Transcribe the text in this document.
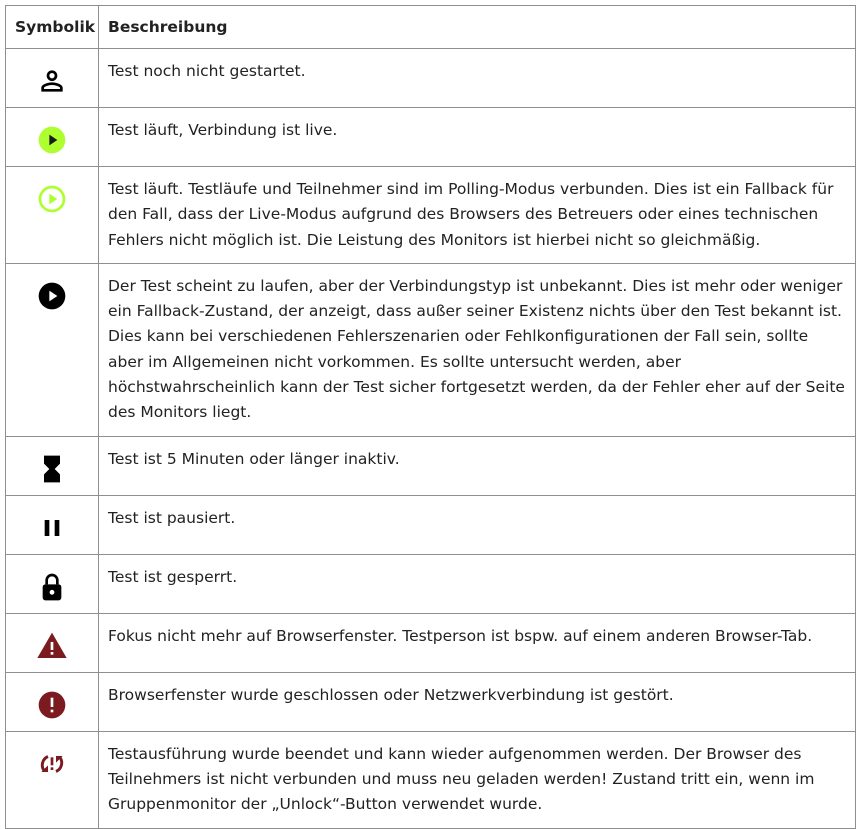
Symbolik	Beschreibung

	Test noch nicht gestartet.

	Test läuft, Verbindung ist live.

	Test läuft. Testläufe und Teilnehmer sind im Polling-Modus verbunden. Dies ist ein Fallback für den Fall, dass der Live-Modus aufgrund des Browsers des Betreuers oder eines technischen Fehlers nicht möglich ist. Die Leistung des Monitors ist hierbei nicht so gleichmäßig.

	Der Test scheint zu laufen, aber der Verbindungstyp ist unbekannt. Dies ist mehr oder weniger ein Fallback-Zustand, der anzeigt, dass außer seiner Existenz nichts über den Test bekannt ist. Dies kann bei verschiedenen Fehlerszenarien oder Fehlkonfigurationen der Fall sein, sollte aber im Allgemeinen nicht vorkommen. Es sollte untersucht werden, aber höchstwahrscheinlich kann der Test sicher fortgesetzt werden, da der Fehler eher auf der Seite des Monitors liegt.

	Test ist 5 Minuten oder länger inaktiv.

	Test ist pausiert.

	Test ist gesperrt.

	Fokus nicht mehr auf Browserfenster. Testperson ist bspw. auf einem anderen Browser-Tab.

	Browserfenster wurde geschlossen oder Netzwerkverbindung ist gestört.

	Testausführung wurde beendet und kann wieder aufgenommen werden. Der Browser des Teilnehmers ist nicht verbunden und muss neu geladen werden! Zustand tritt ein, wenn im Gruppenmonitor der „Unlock“-Button verwendet wurde.
